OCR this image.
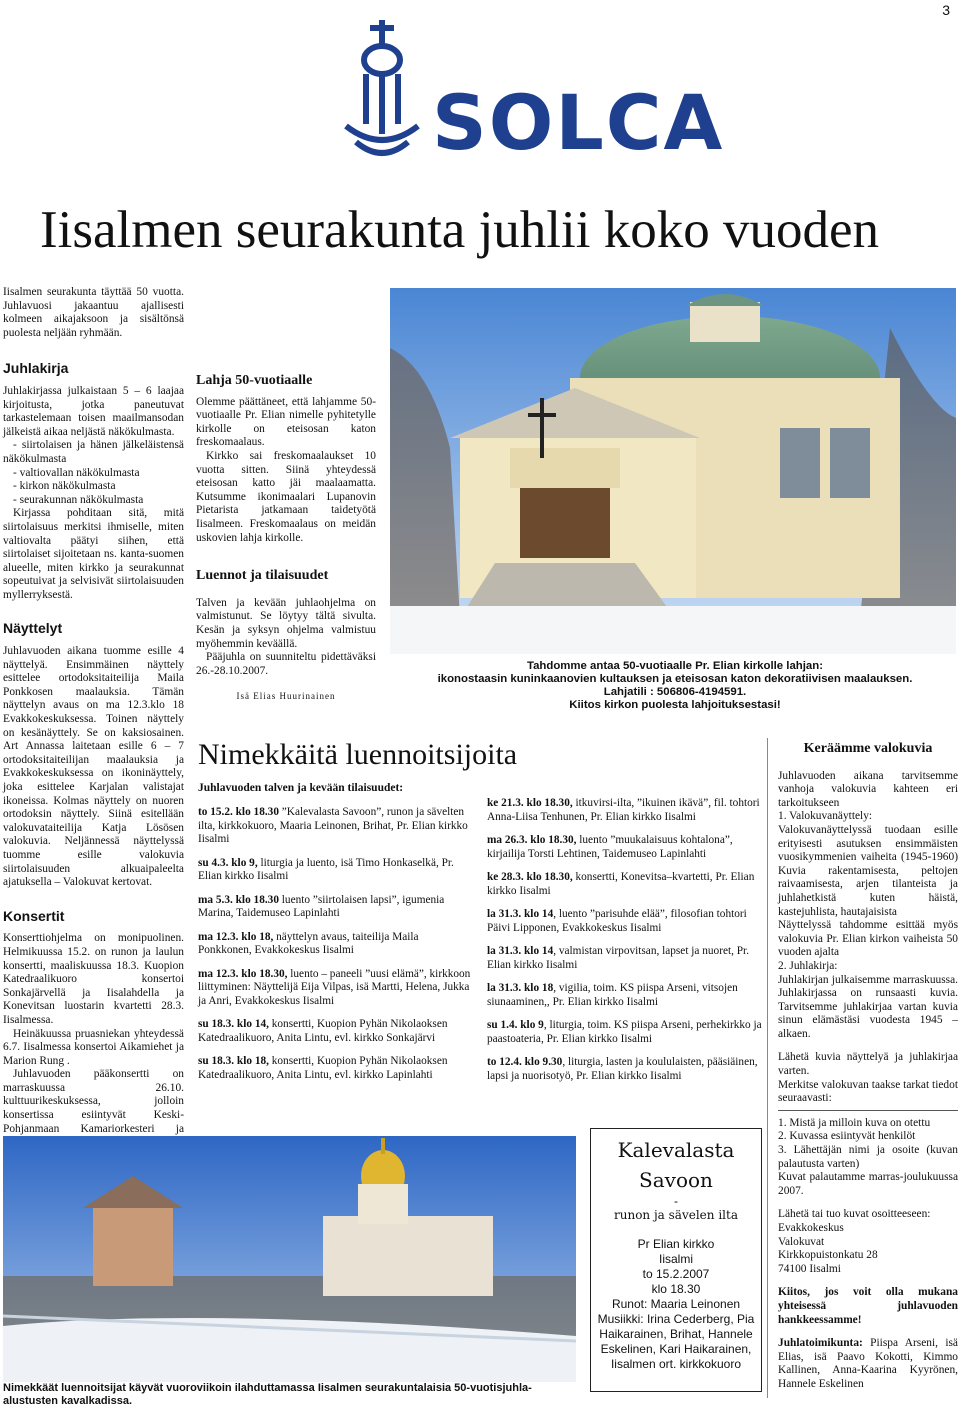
3
SOLCA
Iisalmen seurakunta juhlii koko vuoden

Iisalmen seurakunta täyttää 50 vuotta. Juhlavuosi jakaantuu ajallisesti kolmeen aikajaksoon ja sisältönsä puolesta neljään ryhmään.

Juhlakirja

Juhlakirjassa julkaistaan 5 – 6 laajaa kirjoitusta, jotka paneutuvat tarkastelemaan toisen maailmansodan jälkeistä aikaa neljästä näkökulmasta.

- siirtolaisen ja hänen jälkeläistensä näkökulmasta

- valtiovallan näkökulmasta

- kirkon näkökulmasta

- seurakunnan näkökulmasta

Kirjassa pohditaan sitä, mitä siirtolaisuus merkitsi ihmiselle, miten valtiovalta päätyi siihen, että siirtolaiset sijoitetaan ns. kanta-suomen alueelle, miten kirkko ja seurakunnat sopeutuivat ja selvisivät siirtolaisuuden myllerryksestä.

Näyttelyt

Juhlavuoden aikana tuomme esille 4 näyttelyä. Ensimmäinen näyttely esittelee ortodoksitaiteilija Maila Ponkkosen maalauksia. Tämän näyttelyn avaus on ma 12.3.klo 18 Evakkokeskuksessa. Toinen näyttely on kesänäyttely. Se on kaksiosainen. Art Annassa laitetaan esille 6 – 7 ortodoksitaiteilijan maalauksia ja Evakkokeskuksessa on ikoninäyttely, joka esittelee Karjalan valistajat ikoneissa. Kolmas näyttely on nuoren ortodoksin näyttely. Siinä esitellään valokuvataiteilija Katja Lösösen valokuvia. Neljännessä näyttelyssä tuomme esille valokuvia siirtolaisuuden alkuaipaleelta ajatuksella – Valokuvat kertovat.

Konsertit

Konserttiohjelma on monipuolinen. Helmikuussa 15.2. on runon ja laulun konsertti, maaliskuussa 18.3. Kuopion Katedraalikuoro konsertoi Sonkajärvellä ja Iisalahdella ja Konevitsan luostarin kvartetti 28.3. Iisalmessa.

Heinäkuussa pruasniekan yhteydessä 6.7. Iisalmessa konsertoi Aikamiehet ja Marion Rung .

Juhlavuoden pääkonsertti on marraskuussa 26.10. kulttuurikeskuksessa, jolloin konsertissa esiintyvät Keski-Pohjanmaan Kamariorkesteri ja

Lahja 50-vuotiaalle

Olemme päättäneet, että lahjamme 50-vuotiaalle Pr. Elian nimelle pyhitetylle kirkolle on eteisosan katon freskomaalaus.

Kirkko sai freskomaalaukset 10 vuotta sitten. Siinä yhteydessä eteisosan katto jäi maalaamatta. Kutsumme ikonimaalari Lupanovin Pietarista jatkamaan taidetyötä Iisalmeen. Freskomaalaus on meidän uskovien lahja kirkolle.

Luennot ja tilaisuudet

Talven ja kevään juhlaohjelma on valmistunut. Se löytyy tältä sivulta. Kesän ja syksyn ohjelma valmistuu myöhemmin keväällä.

Pääjuhla on suunniteltu pidettäväksi 26.-28.10.2007.

Isä Elias Huurinainen
Tahdomme antaa 50-vuotiaalle Pr. Elian kirkolle lahjan:
ikonostaasin kuninkaanovien kultauksen ja eteisosan katon dekoratiivisen maalauksen.
Lahjatili : 506806-4194591.
Kiitos kirkon puolesta lahjoituksestasi!
Nimekkäitä luennoitsijoita
Juhlavuoden talven ja kevään tilaisuudet:

to 15.2. klo 18.30 ”Kalevalasta Savoon”, runon ja sävelten ilta, kirkkokuoro, Maaria Leinonen, Brihat, Pr. Elian kirkko Iisalmi

su 4.3. klo 9, liturgia ja luento, isä Timo Honkaselkä, Pr. Elian kirkko Iisalmi

ma 5.3. klo 18.30 luento ”siirtolaisen lapsi”, igumenia Marina, Taidemuseo Lapinlahti

ma 12.3. klo 18, näyttelyn avaus, taiteilija Maila Ponkkonen, Evakkokeskus Iisalmi

ma 12.3. klo 18.30, luento – paneeli ”uusi elämä”, kirkkoon liittyminen: Näyttelijä Eija Vilpas, isä Martti, Helena, Jukka ja Anri, Evakkokeskus Iisalmi

su 18.3. klo 14, konsertti, Kuopion Pyhän Nikolaoksen Katedraalikuoro, Anita Lintu, evl. kirkko Sonkajärvi

su 18.3. klo 18, konsertti, Kuopion Pyhän Nikolaoksen Katedraalikuoro, Anita Lintu, evl. kirkko Lapinlahti

ke 21.3. klo 18.30, itkuvirsi-ilta, ”ikuinen ikävä”, fil. tohtori Anna-Liisa Tenhunen, Pr. Elian kirkko Iisalmi

ma 26.3. klo 18.30, luento ”muukalaisuus kohtalona”, kirjailija Torsti Lehtinen, Taidemuseo Lapinlahti

ke 28.3. klo 18.30, konsertti, Konevitsa–kvartetti, Pr. Elian kirkko Iisalmi

la 31.3. klo 14, luento ”parisuhde elää”, filosofian tohtori Päivi Lipponen, Evakkokeskus Iisalmi

la 31.3. klo 14, valmistan virpovitsan, lapset ja nuoret, Pr. Elian kirkko Iisalmi

la 31.3. klo 18, vigilia, toim. KS piispa Arseni, vitsojen siunaaminen,, Pr. Elian kirkko Iisalmi

su 1.4. klo 9, liturgia, toim. KS piispa Arseni, perhekirkko ja paastoateria, Pr. Elian kirkko Iisalmi

to 12.4. klo 9.30, liturgia, lasten ja koululaisten, pääsiäinen, lapsi ja nuorisotyö, Pr. Elian kirkko Iisalmi

Kalevalasta
Savoon
-
runon ja sävelen ilta
Pr Elian kirkko
Iisalmi
to 15.2.2007
klo 18.30
Runot: Maaria Leinonen
Musiikki: Irina Cederberg, Pia
Haikarainen, Brihat, Hannele
Eskelinen, Kari Haikarainen,
Iisalmen ort. kirkkokuoro
Keräämme valokuvia

Juhlavuoden aikana tarvitsemme vanhoja valokuvia kahteen eri tarkoitukseen

1. Valokuvanäyttely:

Valokuvanäyttelyssä tuodaan esille erityisesti asutuksen ensimmäisten vuosikymmenien vaiheita (1945-1960) Kuvia rakentamisesta, peltojen raivaamisesta, arjen tilanteista ja juhlahetkistä kuten häistä, kastejuhlista, hautajaisista

Näyttelyssä tahdomme esittää myös valokuvia Pr. Elian kirkon vaiheista 50 vuoden ajalta

2. Juhlakirja:

Juhlakirjan julkaisemme marraskuussa. Juhlakirjassa on runsaasti kuvia. Tarvitsemme juhlakirjaa vartan kuvia sinun elämästäsi vuodesta 1945 – alkaen.

Lähetä kuvia näyttelyä ja juhlakirjaa varten.

Merkitse valokuvan taakse tarkat tiedot seuraavasti:

1. Mistä ja milloin kuva on otettu

2. Kuvassa esiintyvät henkilöt

3. Lähettäjän nimi ja osoite (kuvan palautusta varten)

Kuvat palautamme marras-joulukuussa 2007.

Lähetä tai tuo kuvat osoitteeseen:

Evakkokeskus

Valokuvat

Kirkkopuistonkatu 28

74100 Iisalmi

Kiitos, jos voit olla mukana yhteisessä juhlavuoden hankkeessamme!

Juhlatoimikunta: Piispa Arseni, isä Elias, isä Paavo Kokotti, Kimmo Kallinen, Anna-Kaarina Kyyrönen, Hannele Eskelinen

Nimekkäät luennoitsijat käyvät vuoroviikoin ilahduttamassa Iisalmen seurakuntalaisia 50-vuotisjuhla-alustusten kavalkadissa.
